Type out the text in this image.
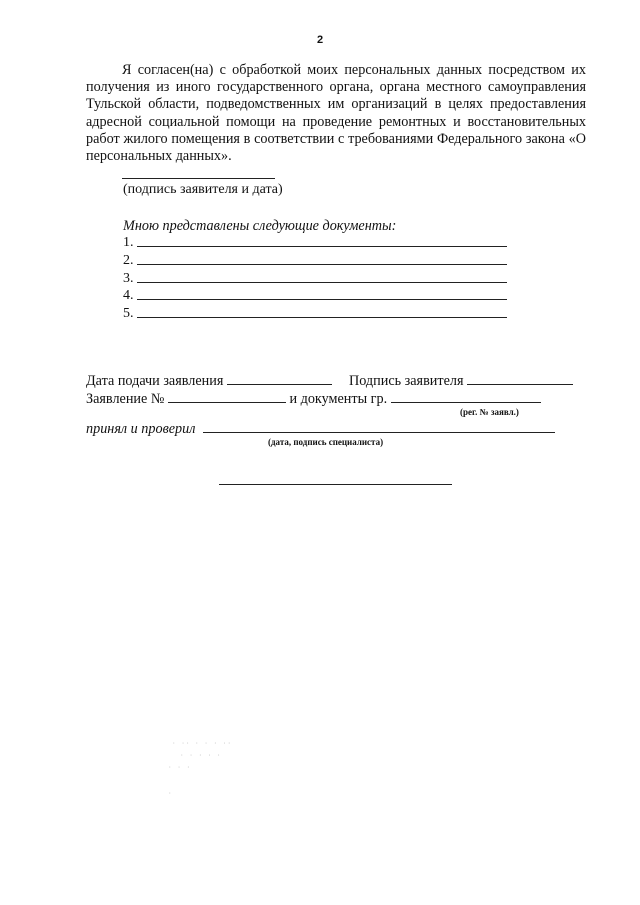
2

Я согласен(на) с обработкой моих персональных данных посредством их получения из иного государственного органа, органа местного самоуправления Тульской области, подведомственных им организаций в целях предоставления адресной социальной помощи на проведение ремонтных и восстановительных работ жилого помещения в соответствии с требованиями Федерального закона «О персональных данных».

(подпись заявителя и дата)
Мною представлены следующие документы:
1.
2.
3.
4.
5.
Дата подачи заявления	Подпись заявителя
Заявление №	и документы гр.
(рег. № заявл.)
принял и проверил
(дата, подпись специалиста)
· ·· · · · ··
· · · · ·
· · ·
·
